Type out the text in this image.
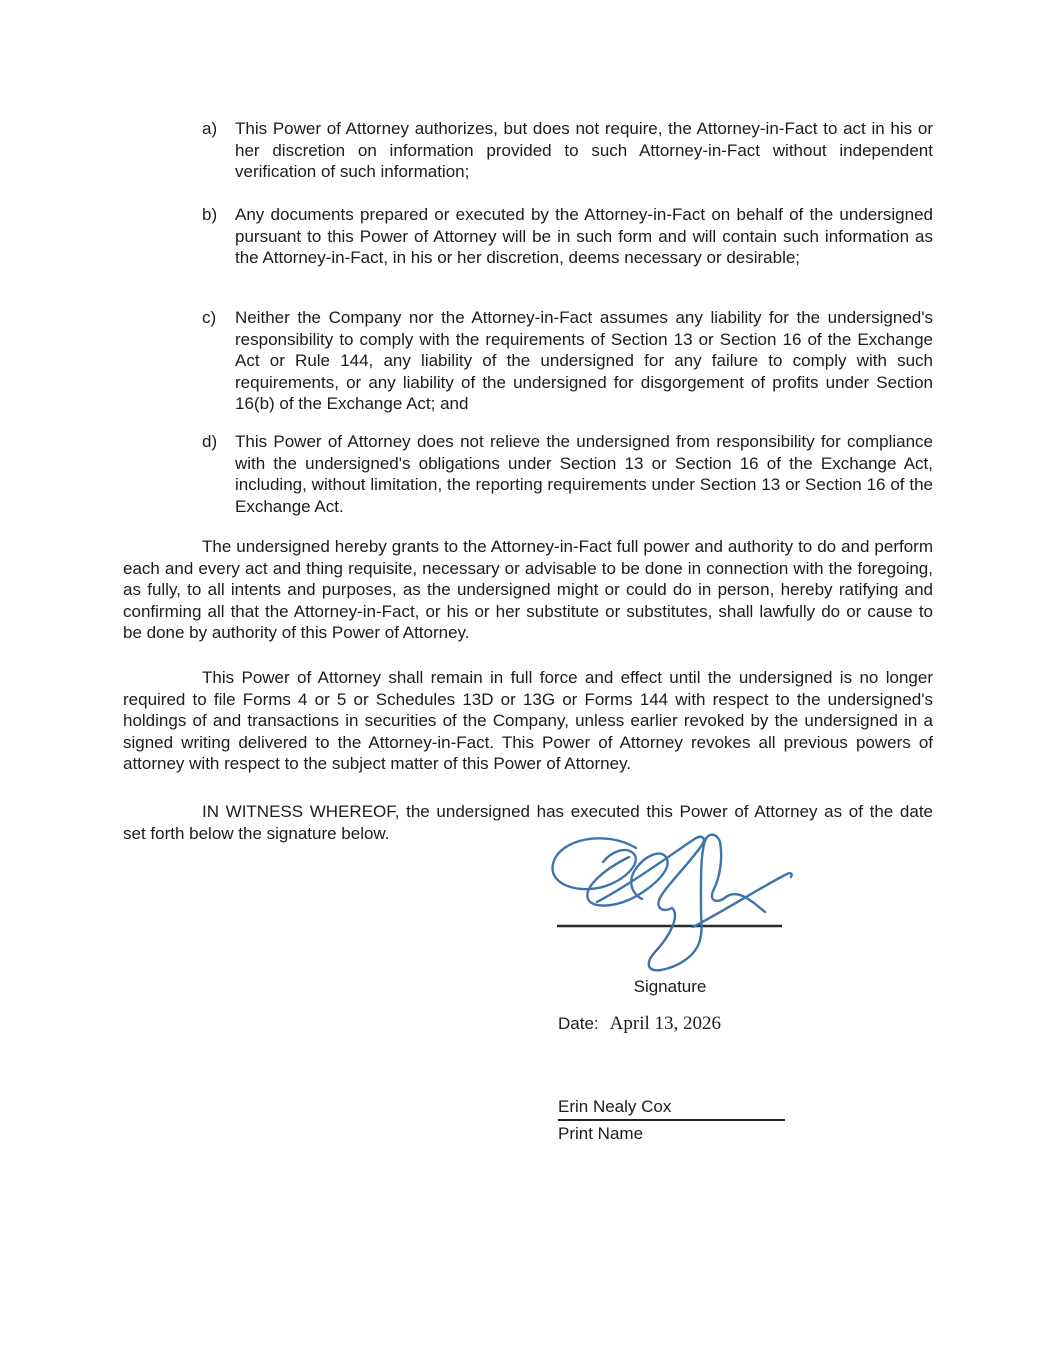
a) This Power of Attorney authorizes, but does not require, the Attorney-in-Fact to act in his or her discretion on information provided to such Attorney-in-Fact without independent verification of such information;
b) Any documents prepared or executed by the Attorney-in-Fact on behalf of the undersigned pursuant to this Power of Attorney will be in such form and will contain such information as the Attorney-in-Fact, in his or her discretion, deems necessary or desirable;
c) Neither the Company nor the Attorney-in-Fact assumes any liability for the undersigned's responsibility to comply with the requirements of Section 13 or Section 16 of the Exchange Act or Rule 144, any liability of the undersigned for any failure to comply with such requirements, or any liability of the undersigned for disgorgement of profits under Section 16(b) of the Exchange Act; and
d) This Power of Attorney does not relieve the undersigned from responsibility for compliance with the undersigned's obligations under Section 13 or Section 16 of the Exchange Act, including, without limitation, the reporting requirements under Section 13 or Section 16 of the Exchange Act.
The undersigned hereby grants to the Attorney-in-Fact full power and authority to do and perform each and every act and thing requisite, necessary or advisable to be done in connection with the foregoing, as fully, to all intents and purposes, as the undersigned might or could do in person, hereby ratifying and confirming all that the Attorney-in-Fact, or his or her substitute or substitutes, shall lawfully do or cause to be done by authority of this Power of Attorney.
This Power of Attorney shall remain in full force and effect until the undersigned is no longer required to file Forms 4 or 5 or Schedules 13D or 13G or Forms 144 with respect to the undersigned's holdings of and transactions in securities of the Company, unless earlier revoked by the undersigned in a signed writing delivered to the Attorney-in-Fact. This Power of Attorney revokes all previous powers of attorney with respect to the subject matter of this Power of Attorney.
IN WITNESS WHEREOF, the undersigned has executed this Power of Attorney as of the date set forth below the signature below.
Signature
Date: April 13, 2026
Erin Nealy Cox
Print Name
